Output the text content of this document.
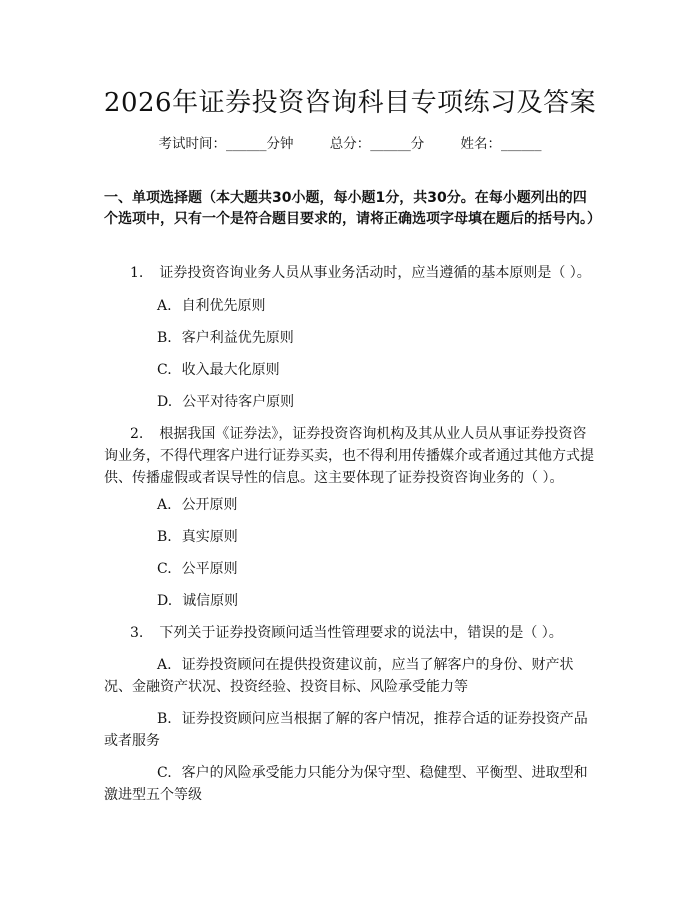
2026年证券投资咨询科目专项练习及答案
考试时间：______分钟	总分：______分	姓名：______
一、单项选择题（本大题共30小题，每小题1分，共30分。在每小题列出的四个选项中，只有一个是符合题目要求的，请将正确选项字母填在题后的括号内。）
1. 证券投资咨询业务人员从事业务活动时，应当遵循的基本原则是（ ）。
A. 自利优先原则
B. 客户利益优先原则
C. 收入最大化原则
D. 公平对待客户原则
2. 根据我国《证券法》，证券投资咨询机构及其从业人员从事证券投资咨询业务，不得代理客户进行证券买卖，也不得利用传播媒介或者通过其他方式提供、传播虚假或者误导性的信息。这主要体现了证券投资咨询业务的（ ）。
A. 公开原则
B. 真实原则
C. 公平原则
D. 诚信原则
3. 下列关于证券投资顾问适当性管理要求的说法中，错误的是（ ）。
A. 证券投资顾问在提供投资建议前，应当了解客户的身份、财产状况、金融资产状况、投资经验、投资目标、风险承受能力等
B. 证券投资顾问应当根据了解的客户情况，推荐合适的证券投资产品或者服务
C. 客户的风险承受能力只能分为保守型、稳健型、平衡型、进取型和激进型五个等级
